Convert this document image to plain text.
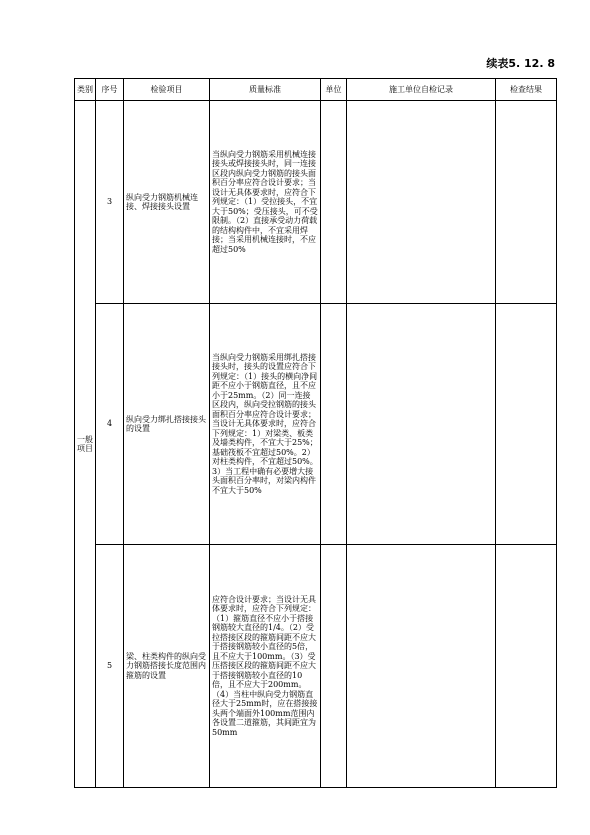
续表5. 12. 8
类别	序号	检验项目	质量标准	单位	施工单位自检记录	检查结果
一般项目	3	纵向受力钢筋机械连接、焊接接头设置	当纵向受力钢筋采用机械连接接头或焊接接头时，同一连接区段内纵向受力钢筋的接头面积百分率应符合设计要求；当设计无具体要求时，应符合下列规定：（1）受拉接头，不宜大于50%；受压接头，可不受限制。（2）直接承受动力荷载的结构构件中，不宜采用焊接；当采用机械连接时，不应超过50%			
	4	纵向受力绑扎搭接接头的设置	当纵向受力钢筋采用绑扎搭接接头时，接头的设置应符合下列规定：（1）接头的横向净间距不应小于钢筋直径，且不应小于25mm。（2）同一连接区段内，纵向受拉钢筋的接头面积百分率应符合设计要求；当设计无具体要求时，应符合下列规定：1）对梁类、板类及墙类构件，不宜大于25%；基础筏板不宜超过50%。2）对柱类构件，不宜超过50%。3）当工程中确有必要增大接头面积百分率时，对梁内构件不宜大于50%			
	5	梁、柱类构件的纵向受力钢筋搭接长度范围内箍筋的设置	应符合设计要求；当设计无具体要求时，应符合下列规定：（1）箍筋直径不应小于搭接钢筋较大直径的1/4。（2）受拉搭接区段的箍筋间距不应大于搭接钢筋较小直径的5倍，且不应大于100mm。（3）受压搭接区段的箍筋间距不应大于搭接钢筋较小直径的10倍，且不应大于200mm。（4）当柱中纵向受力钢筋直径大于25mm时，应在搭接接头两个端面外100mm范围内各设置二道箍筋，其间距宜为50mm			
